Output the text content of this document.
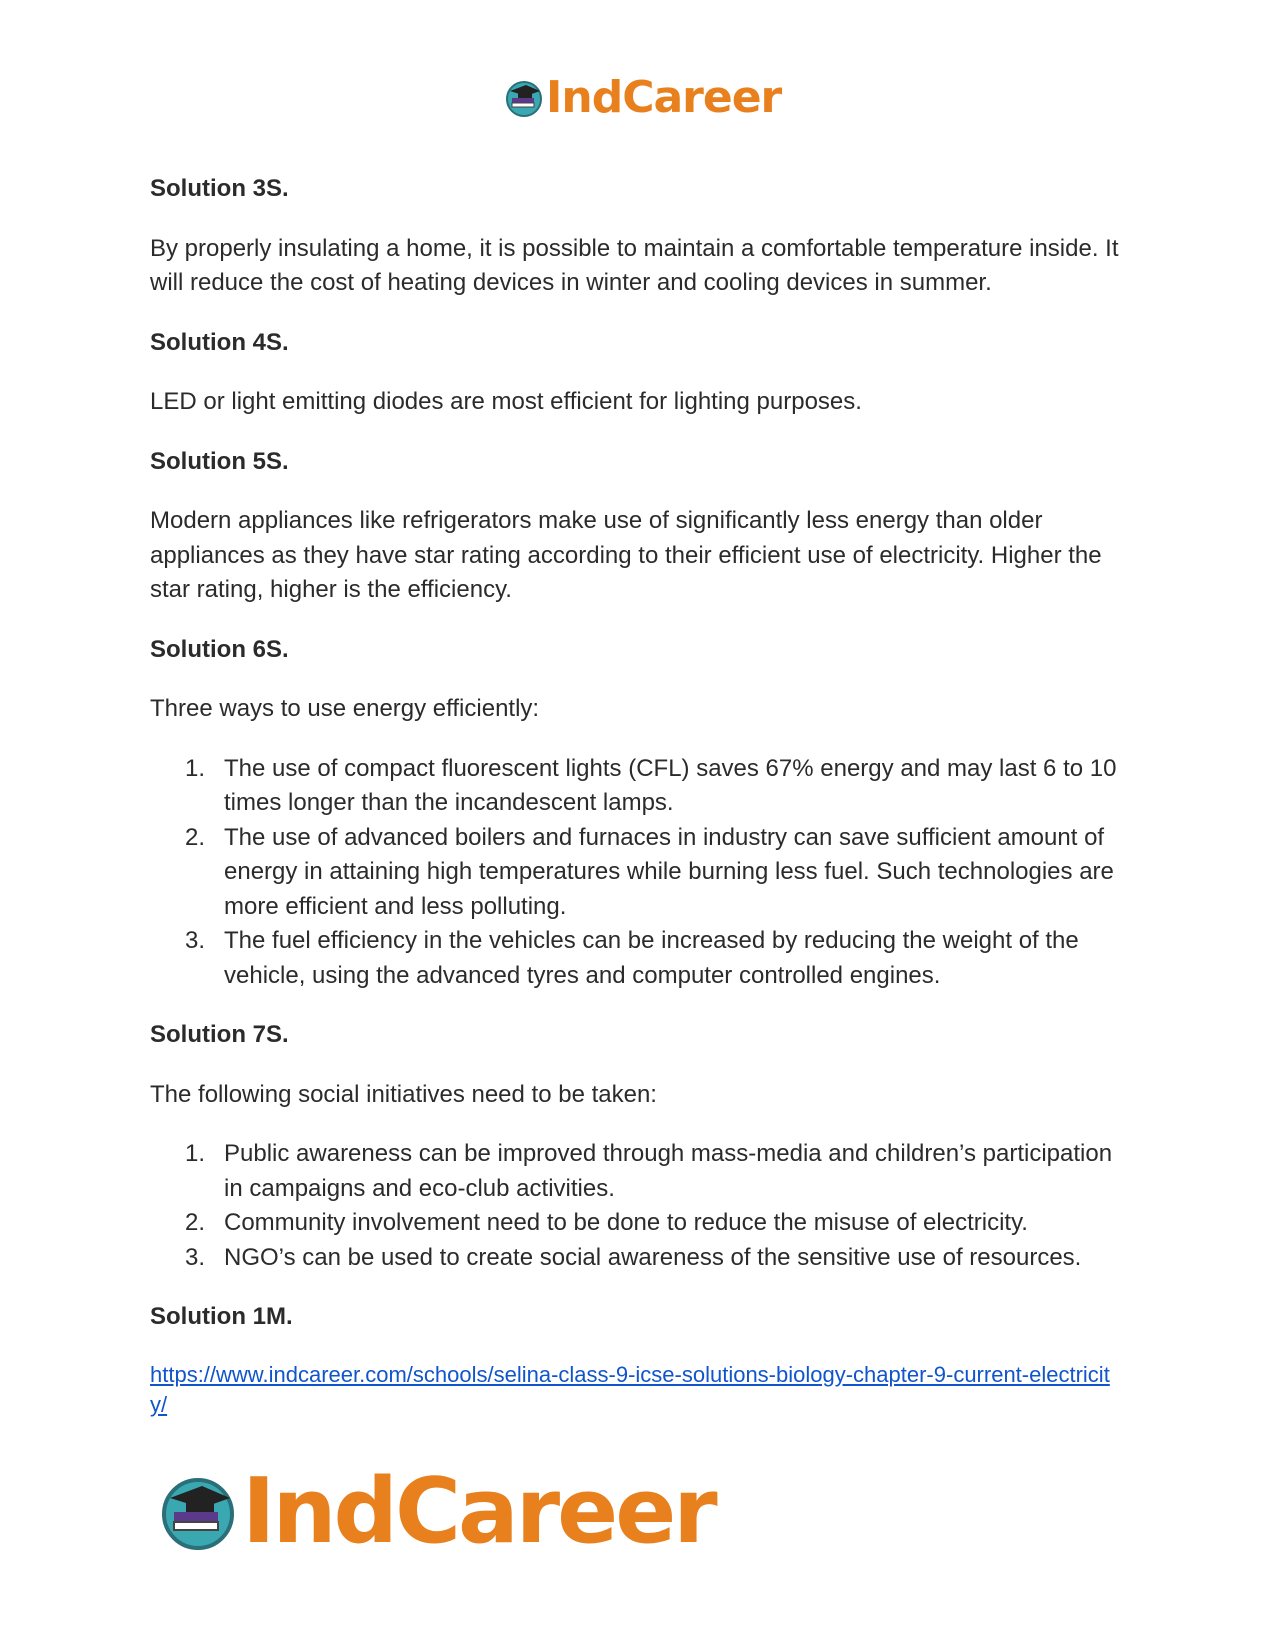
IndCareer

Solution 3S.

By properly insulating a home, it is possible to maintain a comfortable temperature inside. It will reduce the cost of heating devices in winter and cooling devices in summer.

Solution 4S.

LED or light emitting diodes are most efficient for lighting purposes.

Solution 5S.

Modern appliances like refrigerators make use of significantly less energy than older appliances as they have star rating according to their efficient use of electricity. Higher the star rating, higher is the efficiency.

Solution 6S.

Three ways to use energy efficiently:

1. The use of compact fluorescent lights (CFL) saves 67% energy and may last 6 to 10 times longer than the incandescent lamps.
2. The use of advanced boilers and furnaces in industry can save sufficient amount of energy in attaining high temperatures while burning less fuel. Such technologies are more efficient and less polluting.
3. The fuel efficiency in the vehicles can be increased by reducing the weight of the vehicle, using the advanced tyres and computer controlled engines.

Solution 7S.

The following social initiatives need to be taken:

1. Public awareness can be improved through mass-media and children’s participation in campaigns and eco-club activities.
2. Community involvement need to be done to reduce the misuse of electricity.
3. NGO’s can be used to create social awareness of the sensitive use of resources.

Solution 1M.

https://www.indcareer.com/schools/selina-class-9-icse-solutions-biology-chapter-9-current-electricity/
IndCareer
